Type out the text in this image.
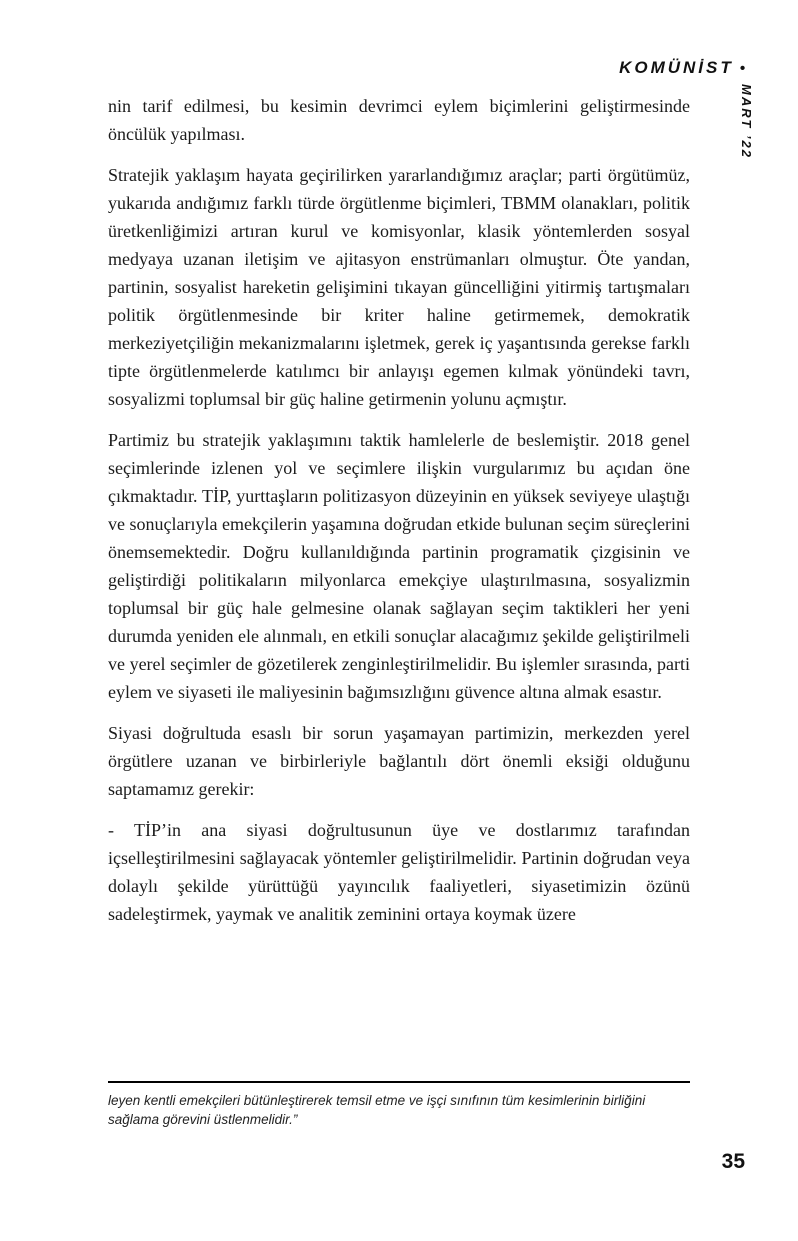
KOMÜNİST •
MART ’22

nin tarif edilmesi, bu kesimin devrimci eylem biçimlerini geliştirmesinde öncülük yapılması.

Stratejik yaklaşım hayata geçirilirken yararlandığımız araçlar; parti örgütümüz, yukarıda andığımız farklı türde örgütlenme biçimleri, TBMM olanakları, politik üretkenliğimizi artıran kurul ve komisyonlar, klasik yöntemlerden sosyal medyaya uzanan iletişim ve ajitasyon enstrümanları olmuştur. Öte yandan, partinin, sosyalist hareketin gelişimini tıkayan güncelliğini yitirmiş tartışmaları politik örgütlenmesinde bir kriter haline getirmemek, demokratik merkeziyetçiliğin mekanizmalarını işletmek, gerek iç yaşantısında gerekse farklı tipte örgütlenmelerde katılımcı bir anlayışı egemen kılmak yönündeki tavrı, sosyalizmi toplumsal bir güç haline getirmenin yolunu açmıştır.

Partimiz bu stratejik yaklaşımını taktik hamlelerle de beslemiştir. 2018 genel seçimlerinde izlenen yol ve seçimlere ilişkin vurgularımız bu açıdan öne çıkmaktadır. TİP, yurttaşların politizasyon düzeyinin en yüksek seviyeye ulaştığı ve sonuçlarıyla emekçilerin yaşamına doğrudan etkide bulunan seçim süreçlerini önemsemektedir. Doğru kullanıldığında partinin programatik çizgisinin ve geliştirdiği politikaların milyonlarca emekçiye ulaştırılmasına, sosyalizmin toplumsal bir güç hale gelmesine olanak sağlayan seçim taktikleri her yeni durumda yeniden ele alınmalı, en etkili sonuçlar alacağımız şekilde geliştirilmeli ve yerel seçimler de gözetilerek zenginleştirilmelidir. Bu işlemler sırasında, parti eylem ve siyaseti ile maliyesinin bağımsızlığını güvence altına almak esastır.

Siyasi doğrultuda esaslı bir sorun yaşamayan partimizin, merkezden yerel örgütlere uzanan ve birbirleriyle bağlantılı dört önemli eksiği olduğunu saptamamız gerekir:

- TİP’in ana siyasi doğrultusunun üye ve dostlarımız tarafından içselleştirilmesini sağlayacak yöntemler geliştirilmelidir. Partinin doğrudan veya dolaylı şekilde yürüttüğü yayıncılık faaliyetleri, siyasetimizin özünü sadeleştirmek, yaymak ve analitik zeminini ortaya koymak üzere

leyen kentli emekçileri bütünleştirerek temsil etme ve işçi sınıfının tüm kesimlerinin birliğini sağlama görevini üstlenmelidir.”
35
